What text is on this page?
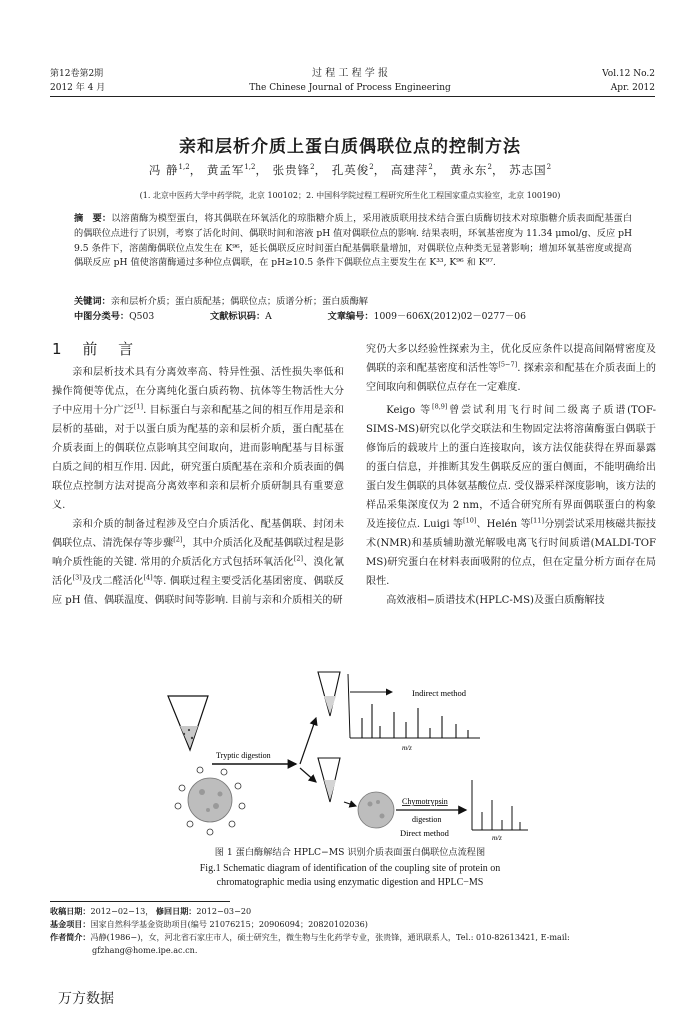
第12卷第2期
2012 年 4 月
过 程 工 程 学 报
The Chinese Journal of Process Engineering
Vol.12 No.2
Apr. 2012
亲和层析介质上蛋白质偶联位点的控制方法
冯 静$^{1,2}$， 黄孟军$^{1,2}$， 张贵锋$^2$， 孔英俊$^2$， 高建萍$^2$， 黄永东$^2$， 苏志国$^2$
(1. 北京中医药大学中药学院，北京 100102；2. 中国科学院过程工程研究所生化工程国家重点实验室，北京 100190)
摘　要：以溶菌酶为模型蛋白，将其偶联在环氧活化的琼脂糖介质上，采用液质联用技术结合蛋白质酶切技术对琼脂糖介质表面配基蛋白的偶联位点进行了识别，考察了活化时间、偶联时间和溶液 pH 值对偶联位点的影响. 结果表明，环氧基密度为 11.34 μmol/g、反应 pH 9.5 条件下，溶菌酶偶联位点发生在 K⁹⁶，延长偶联反应时间蛋白配基偶联量增加，对偶联位点种类无显著影响；增加环氧基密度或提高偶联反应 pH 值使溶菌酶通过多种位点偶联，在 pH≥10.5 条件下偶联位点主要发生在 K³³, K⁹⁶ 和 K⁹⁷.
关键词：亲和层析介质；蛋白质配基；偶联位点；质谱分析；蛋白质酶解
中图分类号：Q503	文献标识码：A	文章编号：1009－606X(2012)02－0277－06
1 前 言

亲和层析技术具有分离效率高、特异性强、活性损失率低和操作简便等优点，在分离纯化蛋白质药物、抗体等生物活性大分子中应用十分广泛[1]. 目标蛋白与亲和配基之间的相互作用是亲和层析的基础，对于以蛋白质为配基的亲和层析介质，蛋白配基在介质表面上的偶联位点影响其空间取向，进而影响配基与目标蛋白质之间的相互作用. 因此，研究蛋白质配基在亲和介质表面的偶联位点控制方法对提高分离效率和亲和层析介质研制具有重要意义.

亲和介质的制备过程涉及空白介质活化、配基偶联、封闭未偶联位点、清洗保存等步骤[2]，其中介质活化及配基偶联过程是影响介质性能的关键. 常用的介质活化方式包括环氧活化[2]、溴化氰活化[3]及戊二醛活化[4]等. 偶联过程主要受活化基团密度、偶联反应 pH 值、偶联温度、偶联时间等影响. 目前与亲和介质相关的研

究仍大多以经验性探索为主，优化反应条件以提高间隔臂密度及偶联的亲和配基密度和活性等[5−7]. 探索亲和配基在介质表面上的空间取向和偶联位点存在一定难度.

Keigo 等[8,9]曾尝试利用飞行时间二级离子质谱(TOF-SIMS-MS)研究以化学交联法和生物固定法将溶菌酶蛋白偶联于修饰后的载玻片上的蛋白连接取向，该方法仅能获得在界面暴露的蛋白信息，并推断其发生偶联反应的蛋白侧面，不能明确给出蛋白发生偶联的具体氨基酸位点. 受仪器采样深度影响，该方法的样品采集深度仅为 2 nm，不适合研究所有界面偶联蛋白的构象及连接位点. Luigi 等[10]、Helén 等[11]分别尝试采用核磁共振技术(NMR)和基质辅助激光解吸电离飞行时间质谱(MALDI-TOF MS)研究蛋白在材料表面吸附的位点，但在定量分析方面存在局限性.

高效液相−质谱技术(HPLC-MS)及蛋白质酶解技

Tryptic digestion
Indirect method
m/z
Chymotrypsin
digestion
Direct method	m/z
图 1 蛋白酶解结合 HPLC−MS 识别介质表面蛋白偶联位点流程图
Fig.1 Schematic diagram of identification of the coupling site of protein on
chromatographic media using enzymatic digestion and HPLC−MS
收稿日期：2012−02−13， 修回日期：2012−03−20
基金项目：国家自然科学基金资助项目(编号 21076215；20906094；20820102036)
作者简介：冯静(1986−)，女，河北省石家庄市人，硕士研究生，微生物与生化药学专业，张贵锋，通讯联系人，Tel.: 010-82613421, E-mail:
gfzhang@home.ipe.ac.cn.
万方数据
